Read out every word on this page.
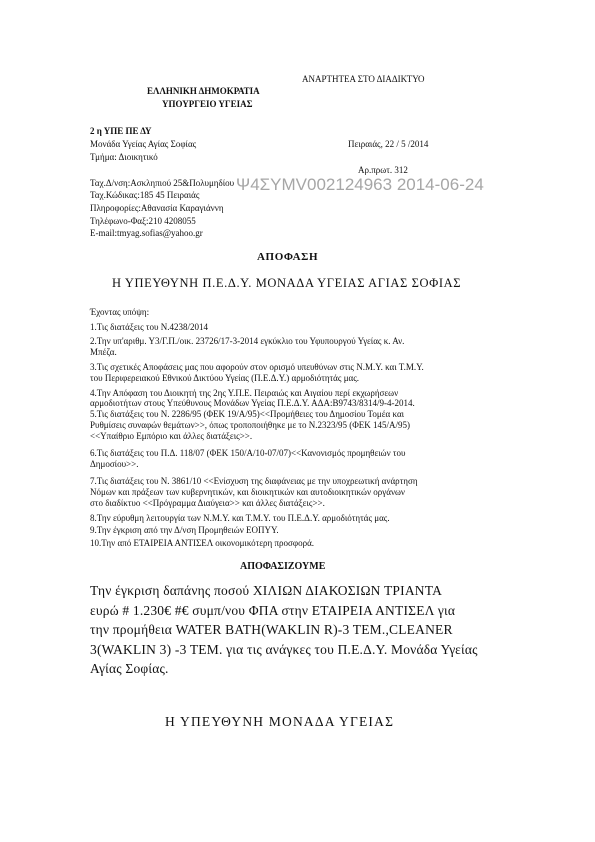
ΑΝΑΡΤΗΤΕΑ ΣΤΟ ΔΙΑΔΙΚΤΥΟ
ΕΛΛΗΝΙΚΗ ΔΗΜΟΚΡΑΤΙΑ
ΥΠΟΥΡΓΕΙΟ ΥΓΕΙΑΣ
2 η ΥΠΕ ΠΕ ΔΥ
Μονάδα Υγείας Αγίας Σοφίας
Τμήμα: Διοικητικό
Ταχ.Δ/νση:Ασκληπιού 25&Πολυμηδίου
Ταχ.Κώδικας:185 45 Πειραιάς
Πληροφορίες:Αθανασία Καραγιάννη
Τηλέφωνο-Φαξ:210 4208055
E-mail:tmyag.sofias@yahoo.gr
Πειραιάς, 22 / 5 /2014
Αρ.πρωτ. 312
Ψ4ΣΥΜV002124963 2014-06-24
ΑΠΟΦΑΣΗ
Η ΥΠΕΥΘΥΝΗ Π.Ε.Δ.Υ. ΜΟΝΑΔΑ ΥΓΕΙΑΣ ΑΓΙΑΣ ΣΟΦΙΑΣ
Έχοντας υπόψη:
1.Τις διατάξεις του Ν.4238/2014
2.Την υπ'αριθμ. Υ3/Γ.Π./οικ. 23726/17-3-2014 εγκύκλιο του Υφυπουργού Υγείας κ. Αν.
Μπέζα.
3.Τις σχετικές Αποφάσεις μας που αφορούν στον ορισμό υπευθύνων στις Ν.Μ.Υ. και Τ.Μ.Υ.
του Περιφερειακού Εθνικού Δικτύου Υγείας (Π.Ε.Δ.Υ.) αρμοδιότητάς μας.
4.Την Απόφαση του Διοικητή της 2ης Υ.Π.Ε. Πειραιώς και Αιγαίου περί εκχωρήσεων
αρμοδιοτήτων στους Υπεύθυνους Μονάδων Υγείας Π.Ε.Δ.Υ. ΑΔΑ:Β9743/8314/9-4-2014.
5.Τις διατάξεις του Ν. 2286/95 (ΦΕΚ 19/Α/95)<<Προμήθειες του Δημοσίου Τομέα και
Ρυθμίσεις συναφών θεμάτων>>, όπως τροποποιήθηκε με το Ν.2323/95 (ΦΕΚ 145/Α/95)
<<Υπαίθριο Εμπόριο και άλλες διατάξεις>>.
6.Τις διατάξεις του Π.Δ. 118/07 (ΦΕΚ 150/Α/10-07/07)<<Κανονισμός προμηθειών του
Δημοσίου>>.
7.Τις διατάξεις του Ν. 3861/10 <<Ενίσχυση της διαφάνειας με την υποχρεωτική ανάρτηση
Νόμων και πράξεων των κυβερνητικών, και διοικητικών και αυτοδιοικητικών οργάνων
στο διαδίκτυο <<Πρόγραμμα Διαύγεια>> και άλλες διατάξεις>>.
8.Την εύρυθμη λειτουργία των Ν.Μ.Υ. και Τ.Μ.Υ. του Π.Ε.Δ.Υ. αρμοδιότητάς μας.
9.Την έγκριση από την Δ/νση Προμηθειών ΕΟΠΥΥ.
10.Την από ΕΤΑΙΡΕΙΑ ΑΝΤΙΣΕΛ οικονομικότερη προσφορά.
ΑΠΟΦΑΣΙΖΟΥΜΕ
Την έγκριση δαπάνης ποσού ΧΙΛΙΩΝ ΔΙΑΚΟΣΙΩΝ ΤΡΙΑΝΤΑ
ευρώ # 1.230€ #€ συμπ/νου ΦΠΑ στην ΕΤΑΙΡΕΙΑ ΑΝΤΙΣΕΛ για
την προμήθεια WATER BATH(WAKLIN R)-3 TEM.,CLEANER
3(WAKLIN 3) -3 TEM. για τις ανάγκες του Π.Ε.Δ.Υ. Μονάδα Υγείας
Αγίας Σοφίας.
Η ΥΠΕΥΘΥΝΗ ΜΟΝΑΔΑ ΥΓΕΙΑΣ
